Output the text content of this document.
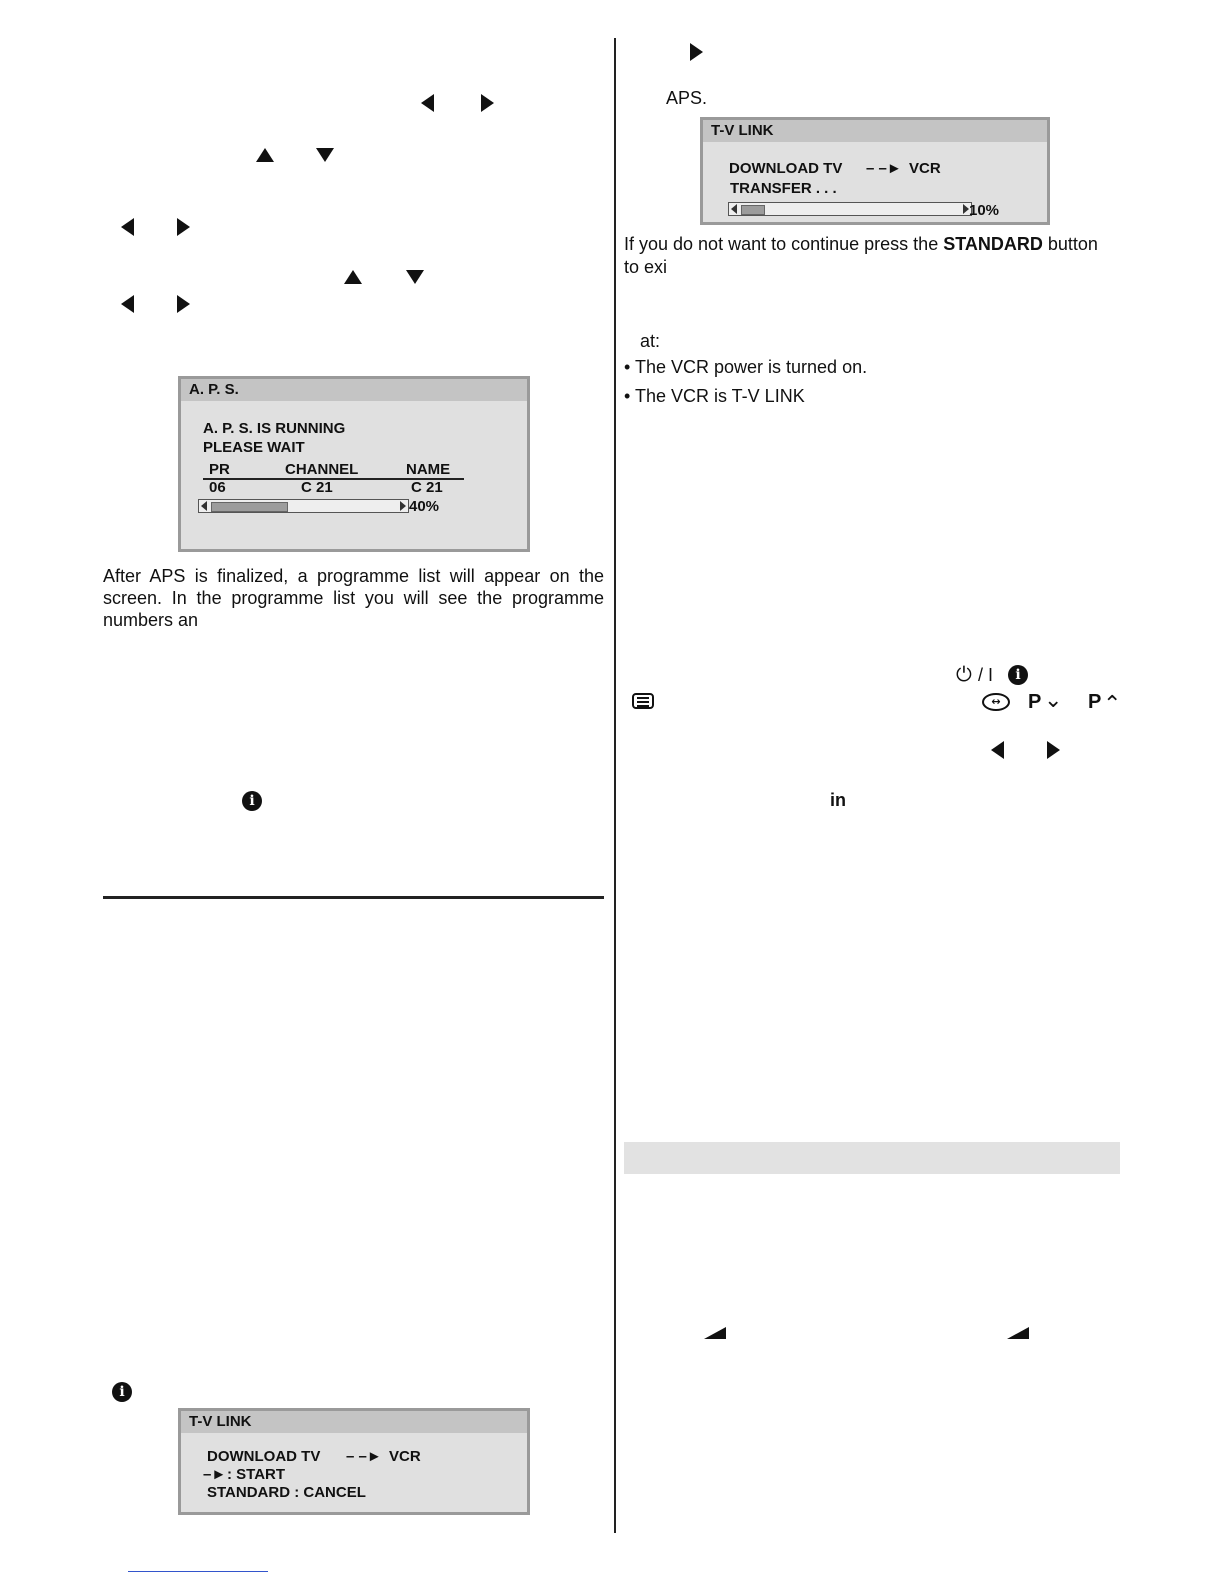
A. P. S.
A. P. S. IS RUNNING
PLEASE WAIT
PR	CHANNEL	NAME
06	C 21	C 21
40%
After APS is finalized, a programme list will appear on the screen. In the programme list you will see the programme numbers an
i
i
T-V LINK
DOWNLOAD TV – –► VCR
–► : START
STANDARD : CANCEL
APS.
T-V LINK
DOWNLOAD TV – –► VCR
TRANSFER . . .
10%
If you do not want to continue press the STANDARD button
to exi
at:
• The VCR power is turned on.
• The VCR is T-V LINK
⏻ / I	i
↔	P ⌄ P ⌃
in
